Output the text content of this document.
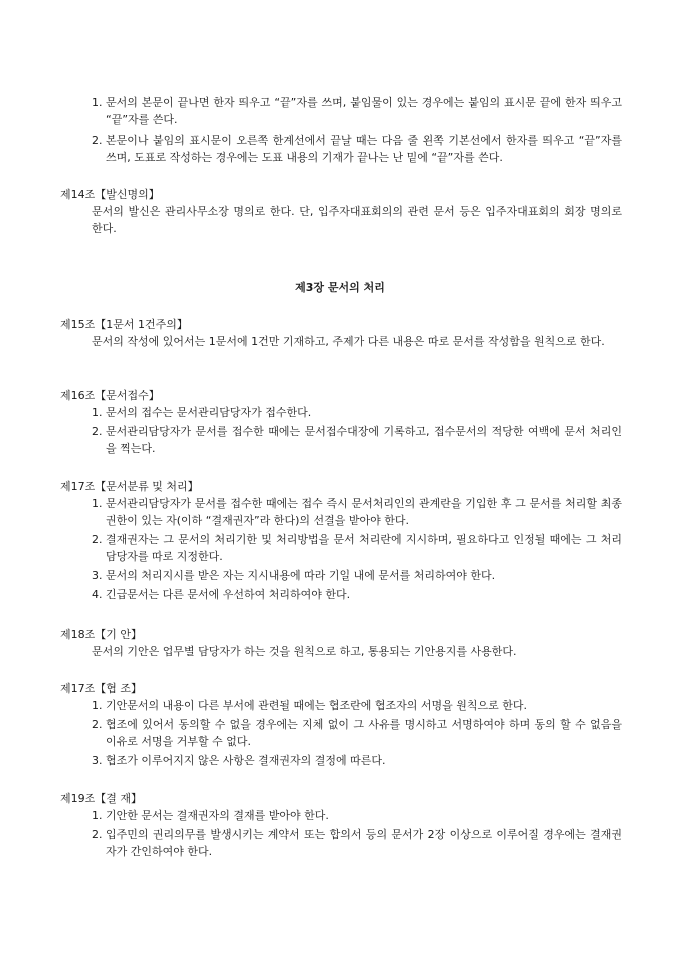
1. 문서의 본문이 끝나면 한자 띄우고 “끝”자를 쓰며, 붙임물이 있는 경우에는 붙임의 표시문 끝에 한자 띄우고 “끝”자를 쓴다.
2. 본문이나 붙임의 표시문이 오른쪽 한계선에서 끝날 때는 다음 줄 왼쪽 기본선에서 한자를 띄우고 “끝”자를 쓰며, 도표로 작성하는 경우에는 도표 내용의 기재가 끝나는 난 밑에 “끝”자를 쓴다.
제14조【발신명의】
문서의 발신은 관리사무소장 명의로 한다. 단, 입주자대표회의의 관련 문서 등은 입주자대표회의 회장 명의로 한다.
제3장 문서의 처리
제15조【1문서 1건주의】
문서의 작성에 있어서는 1문서에 1건만 기재하고, 주제가 다른 내용은 따로 문서를 작성함을 원칙으로 한다.
제16조【문서접수】
1. 문서의 접수는 문서관리담당자가 접수한다.
2. 문서관리담당자가 문서를 접수한 때에는 문서접수대장에 기록하고, 접수문서의 적당한 여백에 문서 처리인을 찍는다.
제17조【문서분류 및 처리】
1. 문서관리담당자가 문서를 접수한 때에는 접수 즉시 문서처리인의 관계란을 기입한 후 그 문서를 처리할 최종권한이 있는 자(이하 “결재권자”라 한다)의 선결을 받아야 한다.
2. 결재권자는 그 문서의 처리기한 및 처리방법을 문서 처리란에 지시하며, 필요하다고 인정될 때에는 그 처리담당자를 따로 지정한다.
3. 문서의 처리지시를 받은 자는 지시내용에 따라 기일 내에 문서를 처리하여야 한다.
4. 긴급문서는 다른 문서에 우선하여 처리하여야 한다.
제18조【기 안】
문서의 기안은 업무별 담당자가 하는 것을 원칙으로 하고, 통용되는 기안용지를 사용한다.
제17조【협 조】
1. 기안문서의 내용이 다른 부서에 관련될 때에는 협조란에 협조자의 서명을 원칙으로 한다.
2. 협조에 있어서 동의할 수 없을 경우에는 지체 없이 그 사유를 명시하고 서명하여야 하며 동의 할 수 없음을 이유로 서명을 거부할 수 없다.
3. 협조가 이루어지지 않은 사항은 결재권자의 결정에 따른다.
제19조【결 재】
1. 기안한 문서는 결재권자의 결재를 받아야 한다.
2. 입주민의 권리의무를 발생시키는 계약서 또는 합의서 등의 문서가 2장 이상으로 이루어질 경우에는 결재권자가 간인하여야 한다.
